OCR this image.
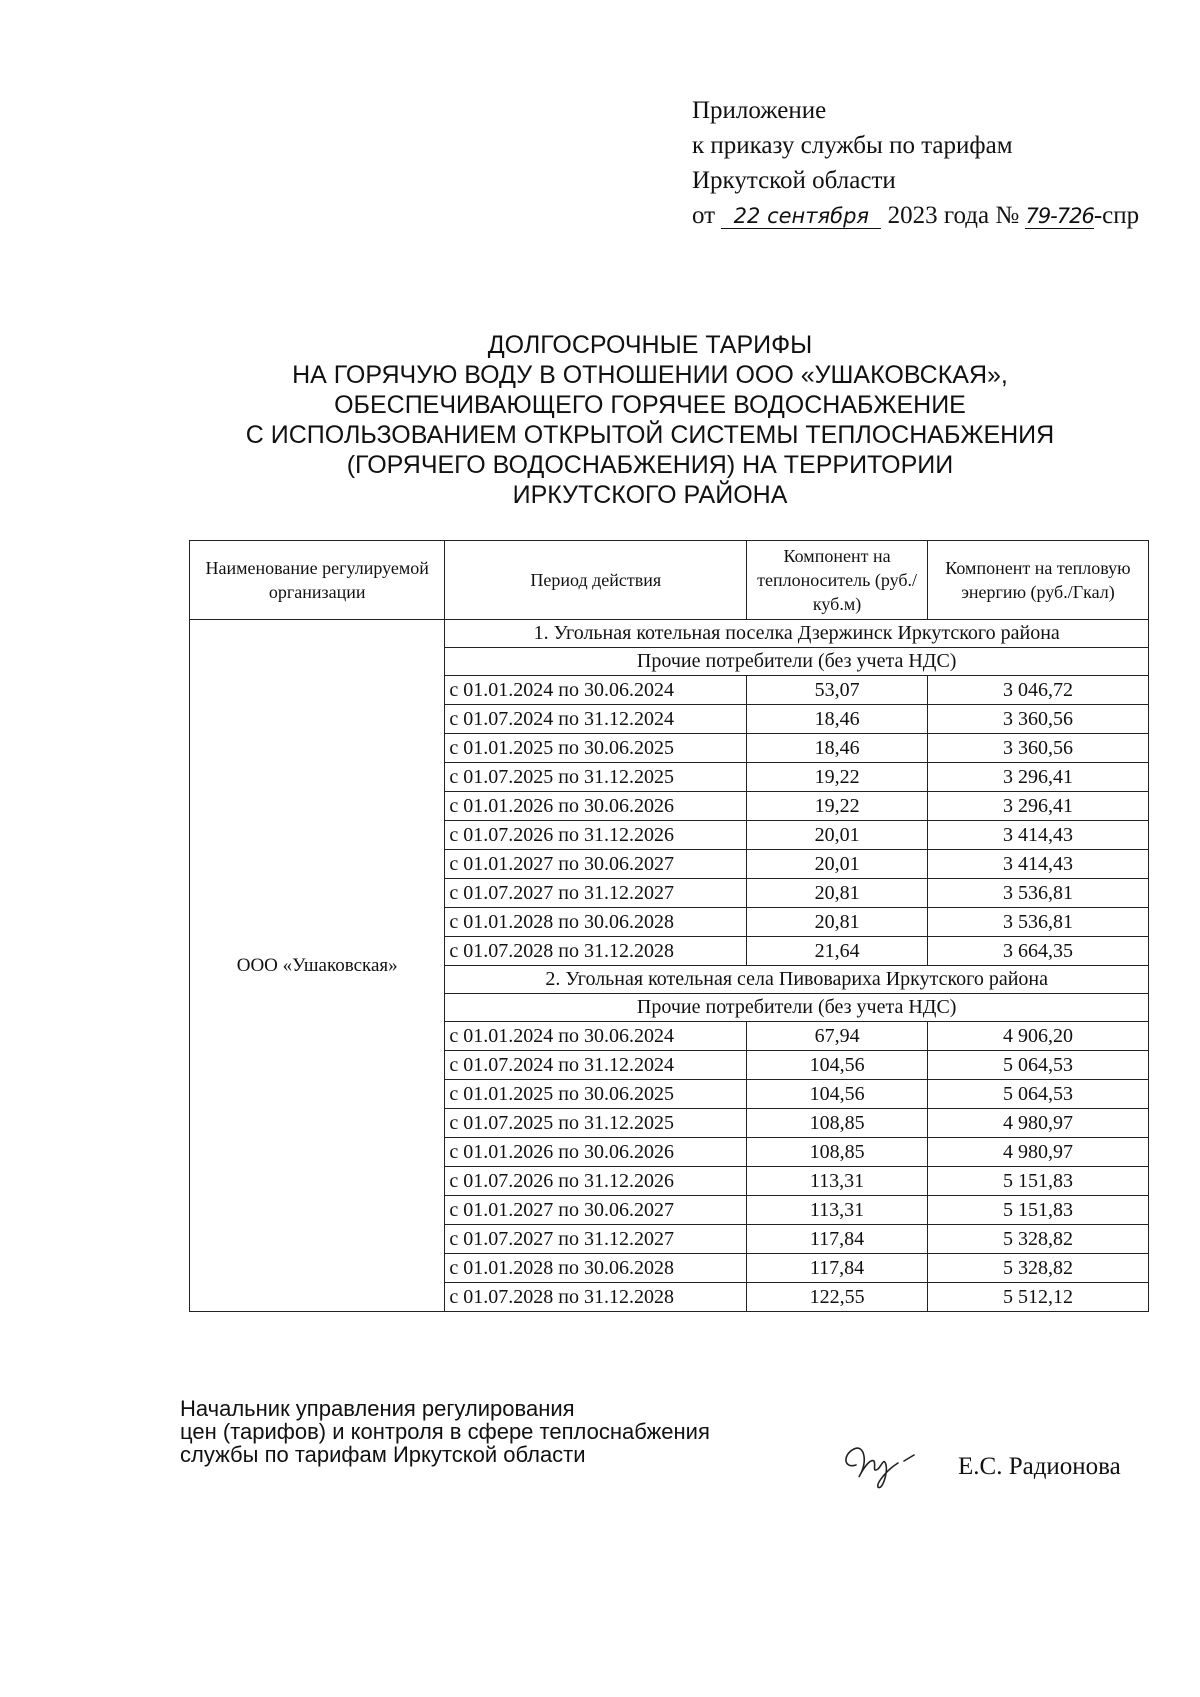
Приложение
к приказу службы по тарифам
Иркутской области
от 22 сентября 2023 года № 79-726-спр
ДОЛГОСРОЧНЫЕ ТАРИФЫ
НА ГОРЯЧУЮ ВОДУ В ОТНОШЕНИИ ООО «УШАКОВСКАЯ»,
ОБЕСПЕЧИВАЮЩЕГО ГОРЯЧЕЕ ВОДОСНАБЖЕНИЕ
С ИСПОЛЬЗОВАНИЕМ ОТКРЫТОЙ СИСТЕМЫ ТЕПЛОСНАБЖЕНИЯ
(ГОРЯЧЕГО ВОДОСНАБЖЕНИЯ) НА ТЕРРИТОРИИ
ИРКУТСКОГО РАЙОНА
Наименование регулируемой организации	Период действия	Компонент на теплоноситель (руб./куб.м)	Компонент на тепловую энергию (руб./Гкал)
ООО «Ушаковская»	1. Угольная котельная поселка Дзержинск Иркутского района		
	Прочие потребители (без учета НДС)		
	с 01.01.2024 по 30.06.2024	53,07	3 046,72
	с 01.07.2024 по 31.12.2024	18,46	3 360,56
	с 01.01.2025 по 30.06.2025	18,46	3 360,56
	с 01.07.2025 по 31.12.2025	19,22	3 296,41
	с 01.01.2026 по 30.06.2026	19,22	3 296,41
	с 01.07.2026 по 31.12.2026	20,01	3 414,43
	с 01.01.2027 по 30.06.2027	20,01	3 414,43
	с 01.07.2027 по 31.12.2027	20,81	3 536,81
	с 01.01.2028 по 30.06.2028	20,81	3 536,81
	с 01.07.2028 по 31.12.2028	21,64	3 664,35
	2. Угольная котельная села Пивовариха Иркутского района		
	Прочие потребители (без учета НДС)		
	с 01.01.2024 по 30.06.2024	67,94	4 906,20
	с 01.07.2024 по 31.12.2024	104,56	5 064,53
	с 01.01.2025 по 30.06.2025	104,56	5 064,53
	с 01.07.2025 по 31.12.2025	108,85	4 980,97
	с 01.01.2026 по 30.06.2026	108,85	4 980,97
	с 01.07.2026 по 31.12.2026	113,31	5 151,83
	с 01.01.2027 по 30.06.2027	113,31	5 151,83
	с 01.07.2027 по 31.12.2027	117,84	5 328,82
	с 01.01.2028 по 30.06.2028	117,84	5 328,82
	с 01.07.2028 по 31.12.2028	122,55	5 512,12
Начальник управления регулирования
цен (тарифов) и контроля в сфере теплоснабжения
службы по тарифам Иркутской области	Е.С. Радионова
